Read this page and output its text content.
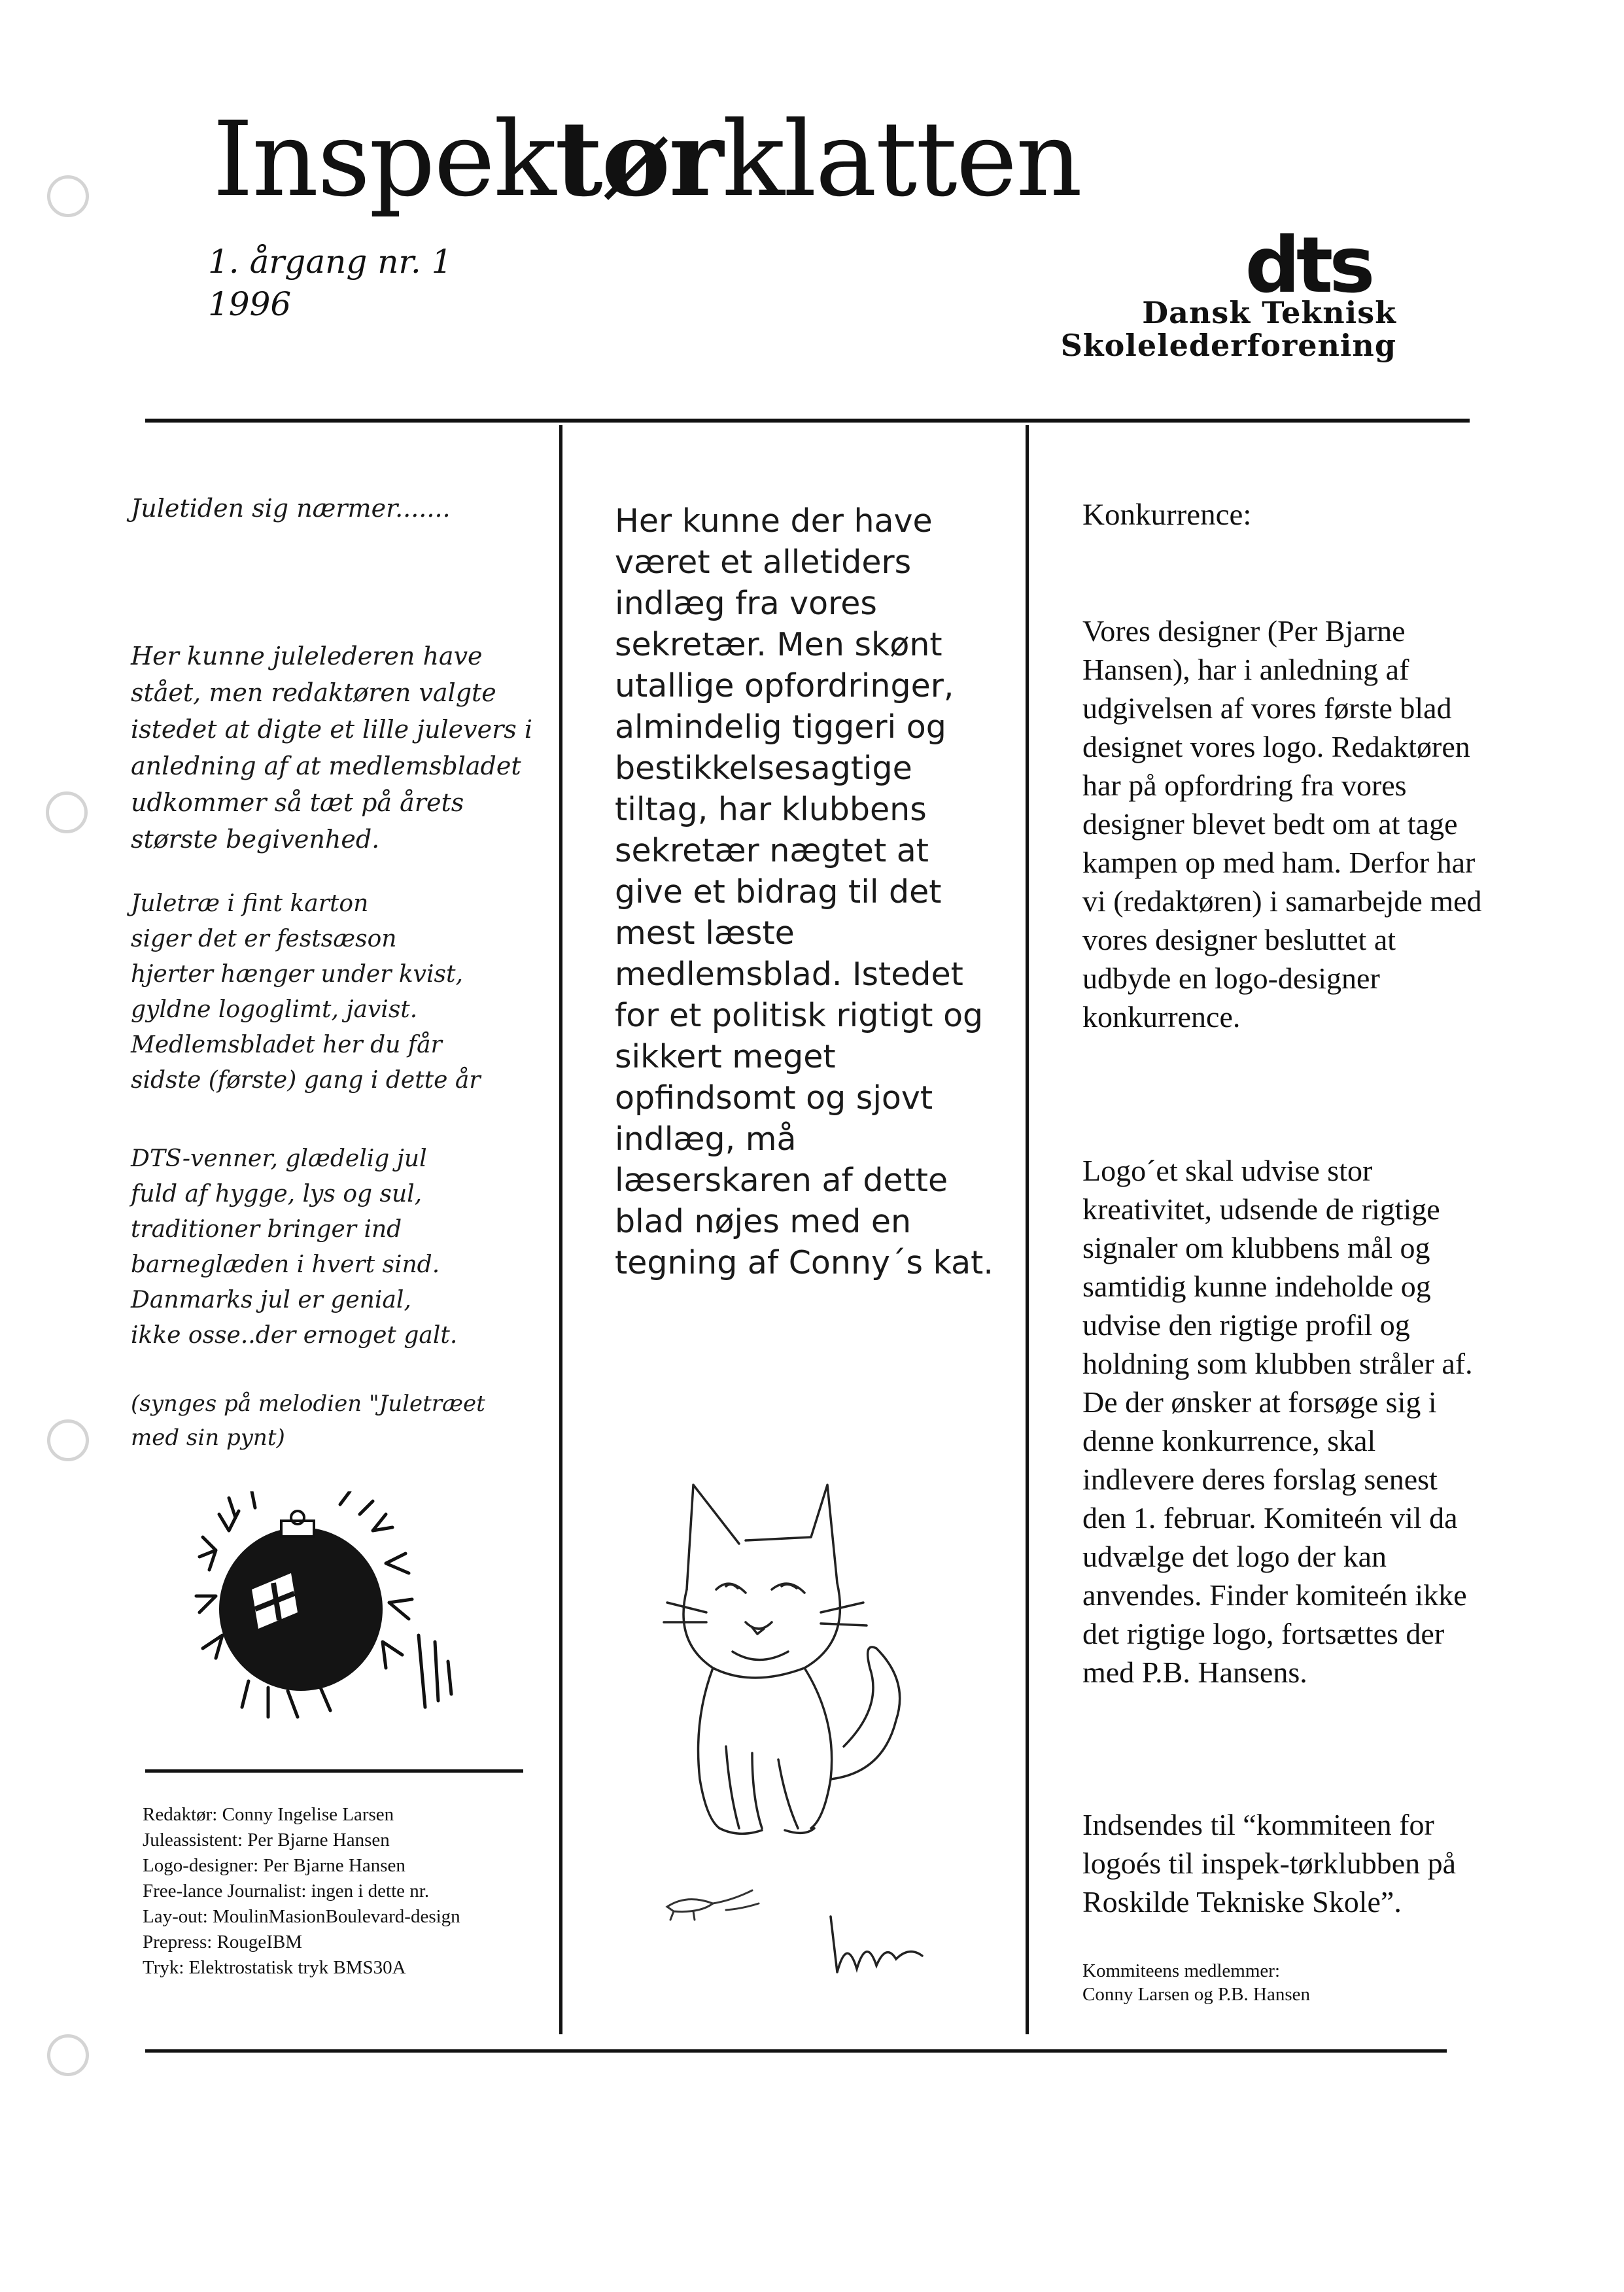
Inspektørklatten
1. årgang nr. 1
1996	dts
Dansk Teknisk
Skolelederforening
Juletiden sig nærmer.......
Her kunne julelederen have stået, men redaktøren valgte istedet at digte et lille julevers i anledning af at medlemsbladet udkommer så tæt på årets største begivenhed.
Juletræ i fint karton
siger det er festsæson
hjerter hænger under kvist,
gyldne logoglimt, javist.
Medlemsbladet her du får
sidste (første) gang i dette år
DTS-venner, glædelig jul
fuld af hygge, lys og sul,
traditioner bringer ind
barneglæden i hvert sind.
Danmarks jul er genial,
ikke osse..der ernoget galt.
(synges på melodien "Juletræet med sin pynt)
Redaktør: Conny Ingelise Larsen
Juleassistent: Per Bjarne Hansen
Logo-designer: Per Bjarne Hansen
Free-lance Journalist: ingen i dette nr.
Lay-out: MoulinMasionBoulevard-design
Prepress: RougeIBM
Tryk: Elektrostatisk tryk BMS30A
Her kunne der have
været et alletiders
indlæg fra vores
sekretær. Men skønt
utallige opfordringer,
almindelig tiggeri og
bestikkelsesagtige
tiltag, har klubbens
sekretær nægtet at
give et bidrag til det
mest læste
medlemsblad. Istedet
for et politisk rigtigt og
sikkert meget
opfindsomt og sjovt
indlæg, må
læserskaren af dette
blad nøjes med en
tegning af Conny´s kat.
Konkurrence:
Vores designer (Per Bjarne Hansen), har i anledning af udgivelsen af vores første blad designet vores logo. Redaktøren har på opfordring fra vores designer blevet bedt om at tage kampen op med ham. Derfor har vi (redaktøren) i samarbejde med vores designer besluttet at udbyde en logo-designer konkurrence.
Logo´et skal udvise stor kreativitet, udsende de rigtige signaler om klubbens mål og samtidig kunne indeholde og udvise den rigtige profil og holdning som klubben stråler af. De der ønsker at forsøge sig i denne konkurrence, skal indlevere deres forslag senest den 1. februar. Komiteén vil da udvælge det logo der kan anvendes. Finder komiteén ikke det rigtige logo, fortsættes der med P.B. Hansens.
Indsendes til “kommiteen for logoés til inspek-tørklubben på Roskilde Tekniske Skole”.
Kommiteens medlemmer:
Conny Larsen og P.B. Hansen
